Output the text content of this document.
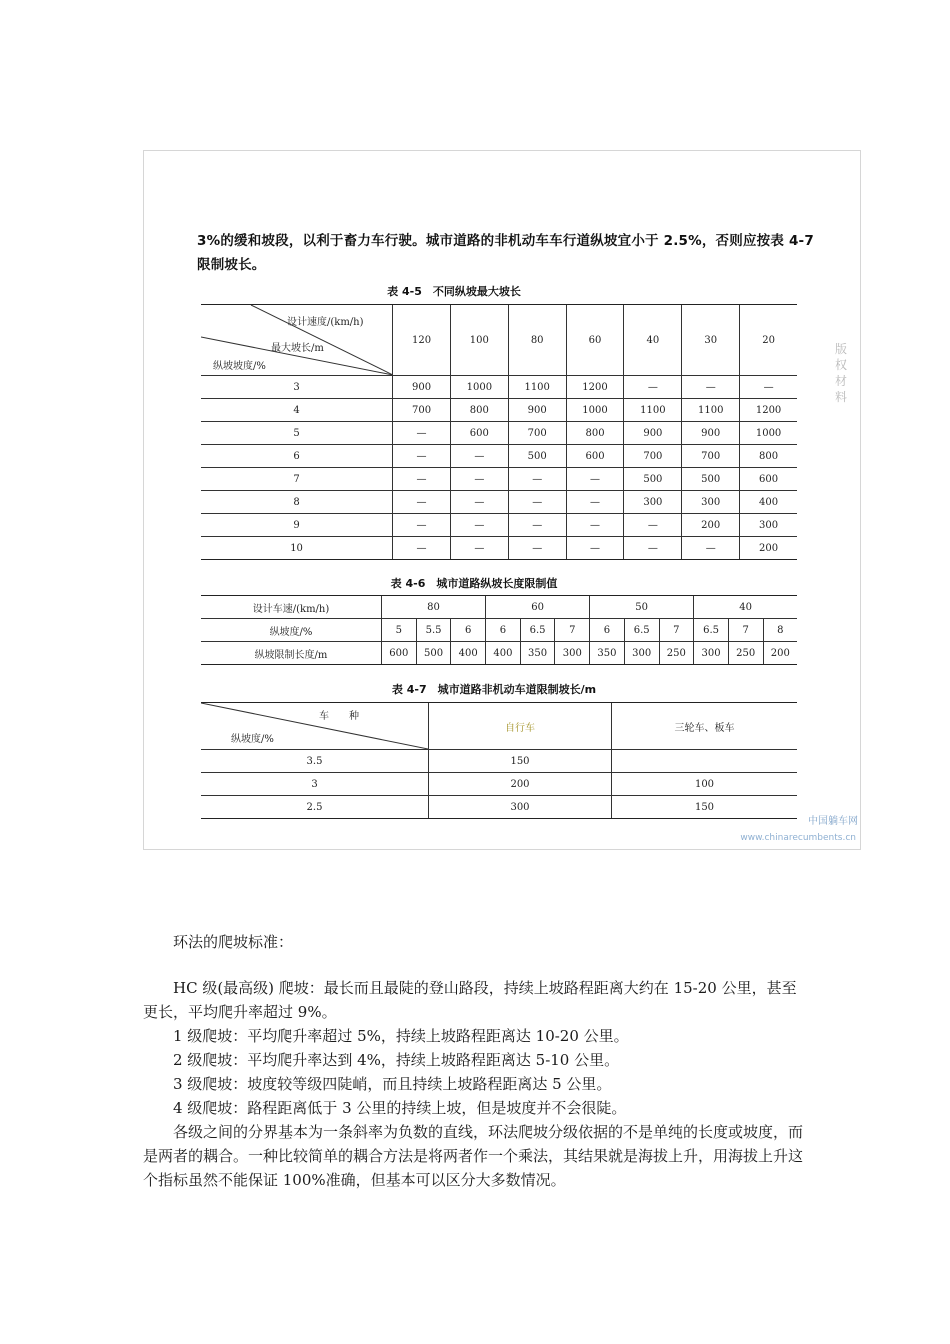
3%的缓和坡段，以利于畜力车行驶。城市道路的非机动车车行道纵坡宜小于 2.5%，否则应按表 4-7 限制坡长。
表 4-5　不同纵坡最大坡长
设计速度/(km/h)
最大坡长/m
纵坡坡度/%	120	100	80	60	40	30	20
3	900	1000	1100	1200	—	—	—
4	700	800	900	1000	1100	1100	1200
5	—	600	700	800	900	900	1000
6	—	—	500	600	700	700	800
7	—	—	—	—	500	500	600
8	—	—	—	—	300	300	400
9	—	—	—	—	—	200	300
10	—	—	—	—	—	—	200
表 4-6　城市道路纵坡长度限制值
设计车速/(km/h)	80			60			50			40		
纵坡度/%	5	5.5	6	6	6.5	7	6	6.5	7	6.5	7	8
纵坡限制长度/m	600	500	400	400	350	300	350	300	250	300	250	200
表 4-7　城市道路非机动车道限制坡长/m
车　　种
纵坡度/%	自行车	三轮车、板车
3.5	150	
3	200	100
2.5	300	150
版权材料
中国躺车网
www.chinarecumbents.cn

环法的爬坡标准：

HC 级(最高级) 爬坡：最长而且最陡的登山路段，持续上坡路程距离大约在 15-20 公里，甚至更长，平均爬升率超过 9%。

1 级爬坡：平均爬升率超过 5%，持续上坡路程距离达 10-20 公里。

2 级爬坡：平均爬升率达到 4%，持续上坡路程距离达 5-10 公里。

3 级爬坡：坡度较等级四陡峭，而且持续上坡路程距离达 5 公里。

4 级爬坡：路程距离低于 3 公里的持续上坡，但是坡度并不会很陡。

各级之间的分界基本为一条斜率为负数的直线，环法爬坡分级依据的不是单纯的长度或坡度，而是两者的耦合。一种比较简单的耦合方法是将两者作一个乘法，其结果就是海拔上升，用海拔上升这个指标虽然不能保证 100%准确，但基本可以区分大多数情况。
